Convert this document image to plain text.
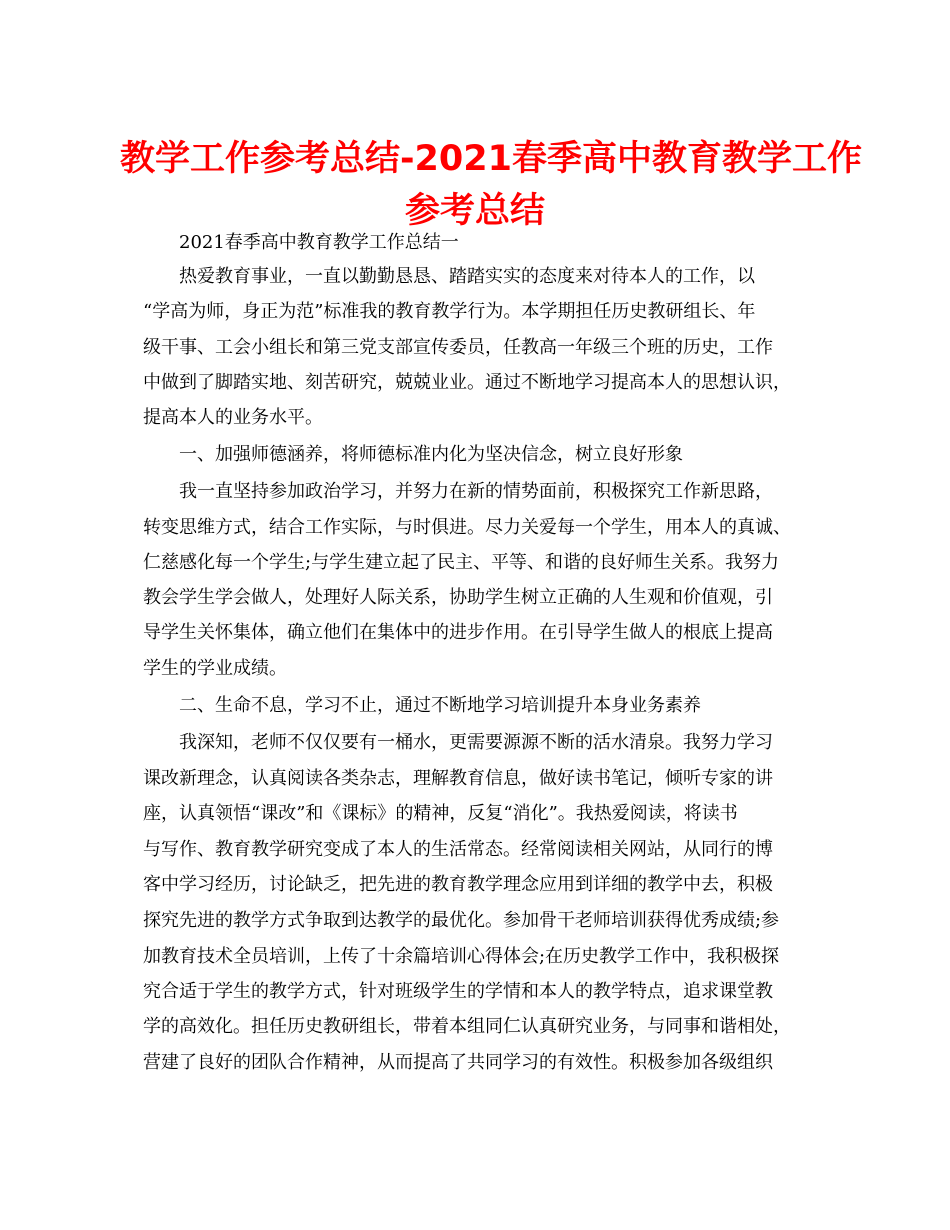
教学工作参考总结-2021春季高中教育教学工作
参考总结

2021春季高中教育教学工作总结一

热爱教育事业，一直以勤勤恳恳、踏踏实实的态度来对待本人的工作，以

“学高为师，身正为范”标准我的教育教学行为。本学期担任历史教研组长、年

级干事、工会小组长和第三党支部宣传委员，任教高一年级三个班的历史，工作

中做到了脚踏实地、刻苦研究，兢兢业业。通过不断地学习提高本人的思想认识，

提高本人的业务水平。

一、加强师德涵养，将师德标准内化为坚决信念，树立良好形象

我一直坚持参加政治学习，并努力在新的情势面前，积极探究工作新思路，

转变思维方式，结合工作实际，与时俱进。尽力关爱每一个学生，用本人的真诚、

仁慈感化每一个学生;与学生建立起了民主、平等、和谐的良好师生关系。我努力

教会学生学会做人，处理好人际关系，协助学生树立正确的人生观和价值观，引

导学生关怀集体，确立他们在集体中的进步作用。在引导学生做人的根底上提高

学生的学业成绩。

二、生命不息，学习不止，通过不断地学习培训提升本身业务素养

我深知，老师不仅仅要有一桶水，更需要源源不断的活水清泉。我努力学习

课改新理念，认真阅读各类杂志，理解教育信息，做好读书笔记，倾听专家的讲

座，认真领悟“课改”和《课标》的精神，反复“消化”。我热爱阅读，将读书

与写作、教育教学研究变成了本人的生活常态。经常阅读相关网站，从同行的博

客中学习经历，讨论缺乏，把先进的教育教学理念应用到详细的教学中去，积极

探究先进的教学方式争取到达教学的最优化。参加骨干老师培训获得优秀成绩;参

加教育技术全员培训，上传了十余篇培训心得体会;在历史教学工作中，我积极探

究合适于学生的教学方式，针对班级学生的学情和本人的教学特点，追求课堂教

学的高效化。担任历史教研组长，带着本组同仁认真研究业务，与同事和谐相处，

营建了良好的团队合作精神，从而提高了共同学习的有效性。积极参加各级组织
